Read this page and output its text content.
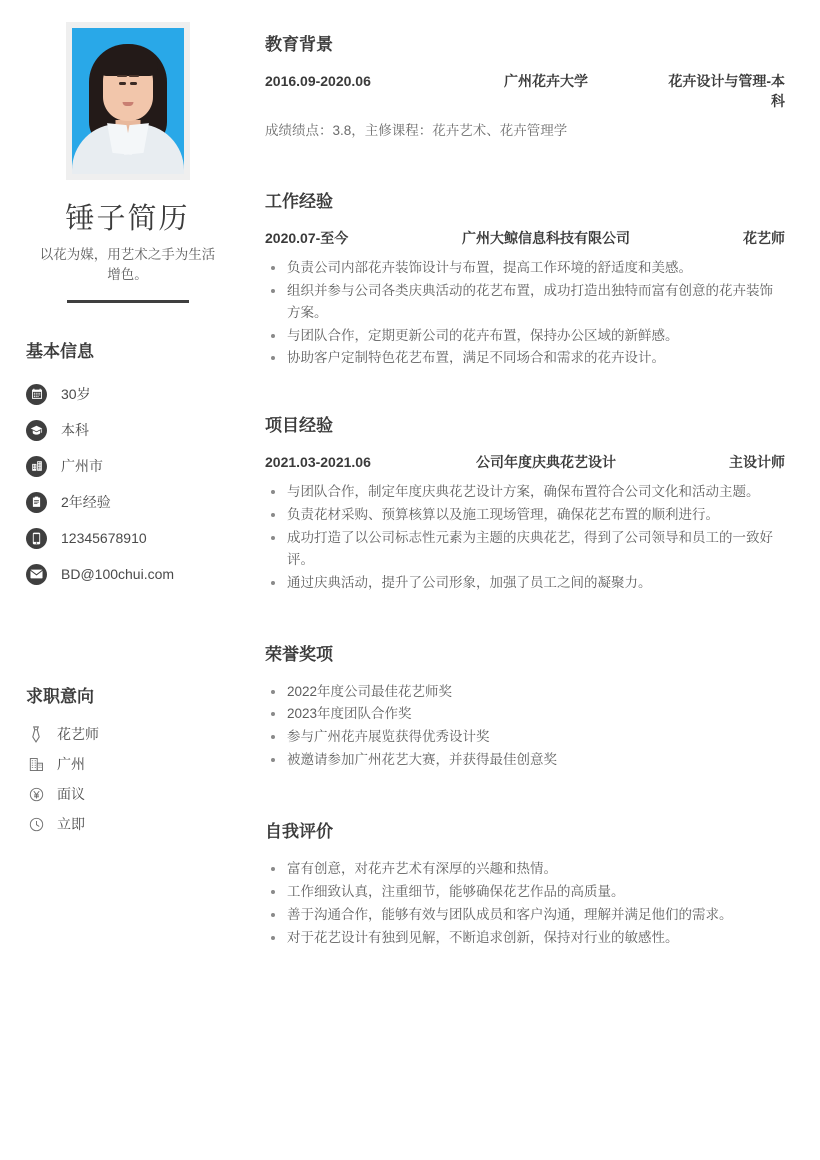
锤子简历
以花为媒，用艺术之手为生活增色。
基本信息
30岁
本科
广州市
2年经验
12345678910
BD@100chui.com
求职意向
花艺师
广州
面议
立即
教育背景
2016.09-2020.06	广州花卉大学	花卉设计与管理-本科
成绩绩点：3.8，主修课程：花卉艺术、花卉管理学
工作经验
2020.07-至今	广州大鲸信息科技有限公司	花艺师
负责公司内部花卉装饰设计与布置，提高工作环境的舒适度和美感。
组织并参与公司各类庆典活动的花艺布置，成功打造出独特而富有创意的花卉装饰方案。
与团队合作，定期更新公司的花卉布置，保持办公区域的新鲜感。
协助客户定制特色花艺布置，满足不同场合和需求的花卉设计。
项目经验
2021.03-2021.06	公司年度庆典花艺设计	主设计师
与团队合作，制定年度庆典花艺设计方案，确保布置符合公司文化和活动主题。
负责花材采购、预算核算以及施工现场管理，确保花艺布置的顺利进行。
成功打造了以公司标志性元素为主题的庆典花艺，得到了公司领导和员工的一致好评。
通过庆典活动，提升了公司形象，加强了员工之间的凝聚力。
荣誉奖项
2022年度公司最佳花艺师奖
2023年度团队合作奖
参与广州花卉展览获得优秀设计奖
被邀请参加广州花艺大赛，并获得最佳创意奖
自我评价
富有创意，对花卉艺术有深厚的兴趣和热情。
工作细致认真，注重细节，能够确保花艺作品的高质量。
善于沟通合作，能够有效与团队成员和客户沟通，理解并满足他们的需求。
对于花艺设计有独到见解，不断追求创新，保持对行业的敏感性。
